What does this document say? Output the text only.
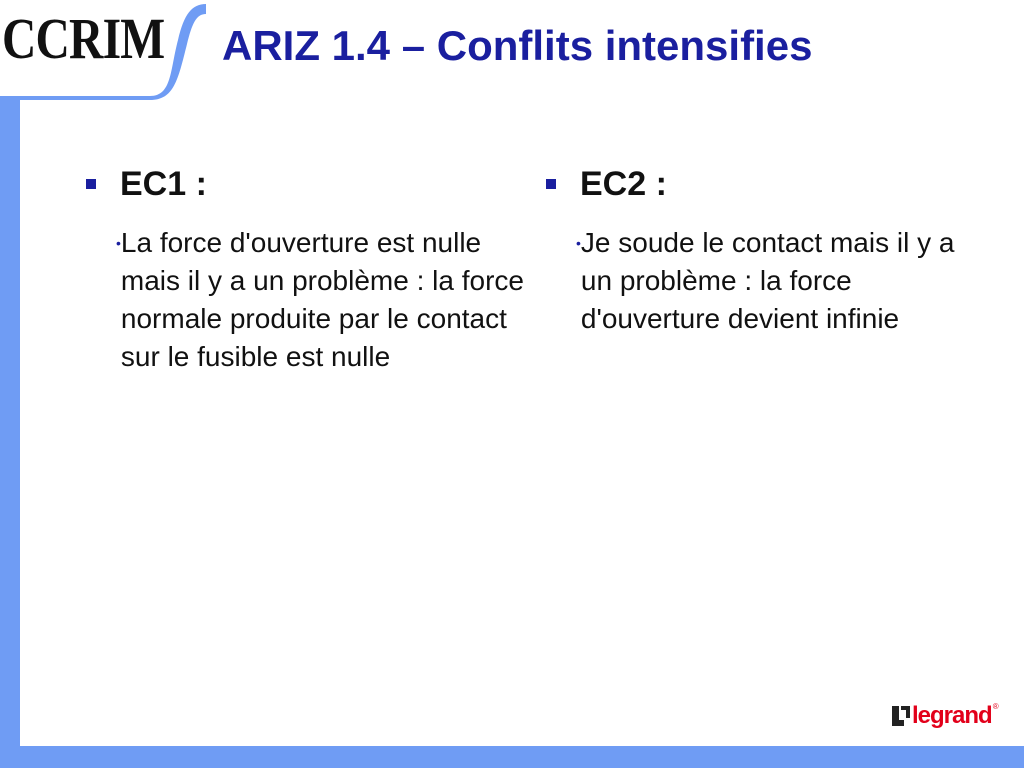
CCRIM ARIZ 1.4 – Conflits intensifies
EC1 :
• La force d'ouverture est nulle mais il y a un problème : la force normale produite par le contact sur le fusible est nulle
EC2 :
• Je soude le contact mais il y a un problème : la force d'ouverture devient infinie
legrand ®
